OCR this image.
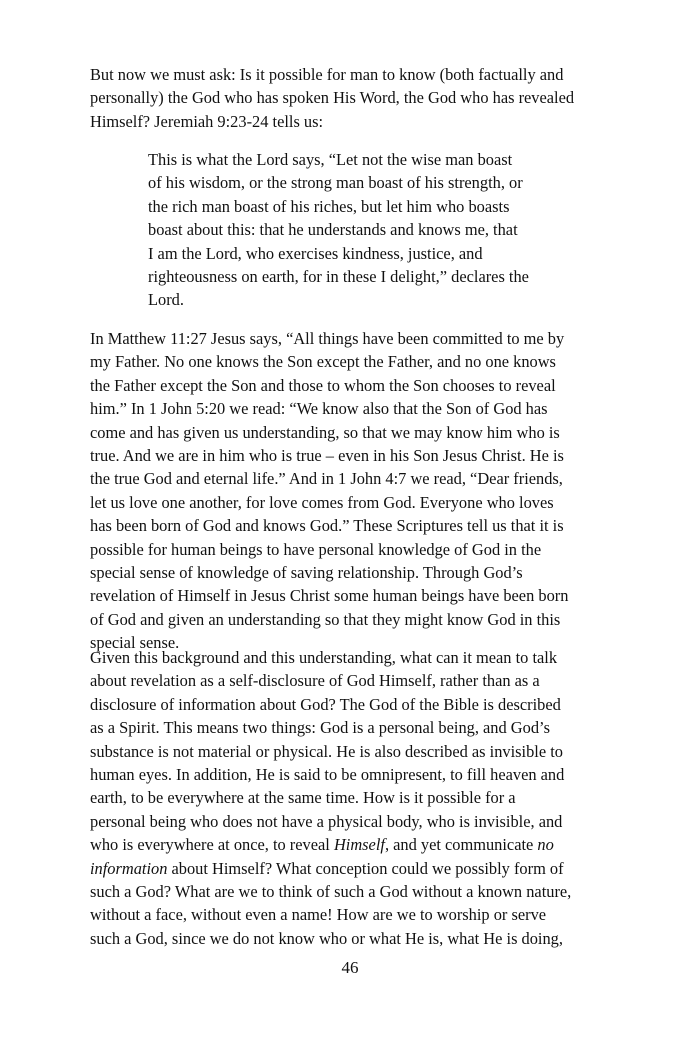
But now we must ask: Is it possible for man to know (both factually and
personally) the God who has spoken His Word, the God who has revealed
Himself? Jeremiah 9:23-24 tells us:
This is what the Lord says, “Let not the wise man boast
of his wisdom, or the strong man boast of his strength, or
the rich man boast of his riches, but let him who boasts
boast about this: that he understands and knows me, that
I am the Lord, who exercises kindness, justice, and
righteousness on earth, for in these I delight,” declares the
Lord.
In Matthew 11:27 Jesus says, “All things have been committed to me by
my Father. No one knows the Son except the Father, and no one knows
the Father except the Son and those to whom the Son chooses to reveal
him.” In 1 John 5:20 we read: “We know also that the Son of God has
come and has given us understanding, so that we may know him who is
true. And we are in him who is true – even in his Son Jesus Christ. He is
the true God and eternal life.” And in 1 John 4:7 we read, “Dear friends,
let us love one another, for love comes from God. Everyone who loves
has been born of God and knows God.” These Scriptures tell us that it is
possible for human beings to have personal knowledge of God in the
special sense of knowledge of saving relationship. Through God’s
revelation of Himself in Jesus Christ some human beings have been born
of God and given an understanding so that they might know God in this
special sense.
Given this background and this understanding, what can it mean to talk
about revelation as a self-disclosure of God Himself, rather than as a
disclosure of information about God? The God of the Bible is described
as a Spirit. This means two things: God is a personal being, and God’s
substance is not material or physical. He is also described as invisible to
human eyes. In addition, He is said to be omnipresent, to fill heaven and
earth, to be everywhere at the same time. How is it possible for a
personal being who does not have a physical body, who is invisible, and
who is everywhere at once, to reveal Himself, and yet communicate no
information about Himself? What conception could we possibly form of
such a God? What are we to think of such a God without a known nature,
without a face, without even a name! How are we to worship or serve
such a God, since we do not know who or what He is, what He is doing,
46
